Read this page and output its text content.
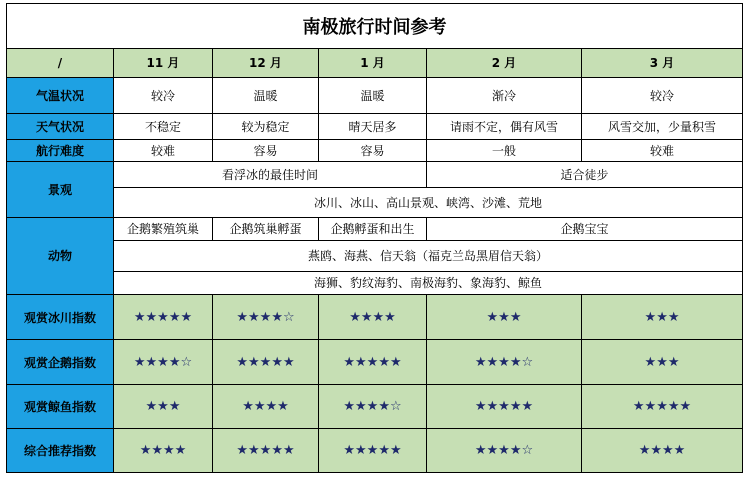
南极旅行时间参考					
/	11 月	12 月	1 月	2 月	3 月
气温状况	较冷	温暖	温暖	渐冷	较冷
天气状况	不稳定	较为稳定	晴天居多	请雨不定，偶有风雪	风雪交加，少量积雪
航行难度	较难	容易	容易	一般	较难
景观	看浮冰的最佳时间			适合徒步	
	冰川、冰山、高山景观、峡湾、沙滩、荒地				
动物	企鹅繁殖筑巢	企鹅筑巢孵蛋	企鹅孵蛋和出生	企鹅宝宝	
	燕鸥、海燕、信天翁（福克兰岛黑眉信天翁）				
	海狮、豹纹海豹、南极海豹、象海豹、鲸鱼				
观赏冰川指数	★★★★★	★★★★☆	★★★★	★★★	★★★
观赏企鹅指数	★★★★☆	★★★★★	★★★★★	★★★★☆	★★★
观赏鲸鱼指数	★★★	★★★★	★★★★☆	★★★★★	★★★★★
综合推荐指数	★★★★	★★★★★	★★★★★	★★★★☆	★★★★
